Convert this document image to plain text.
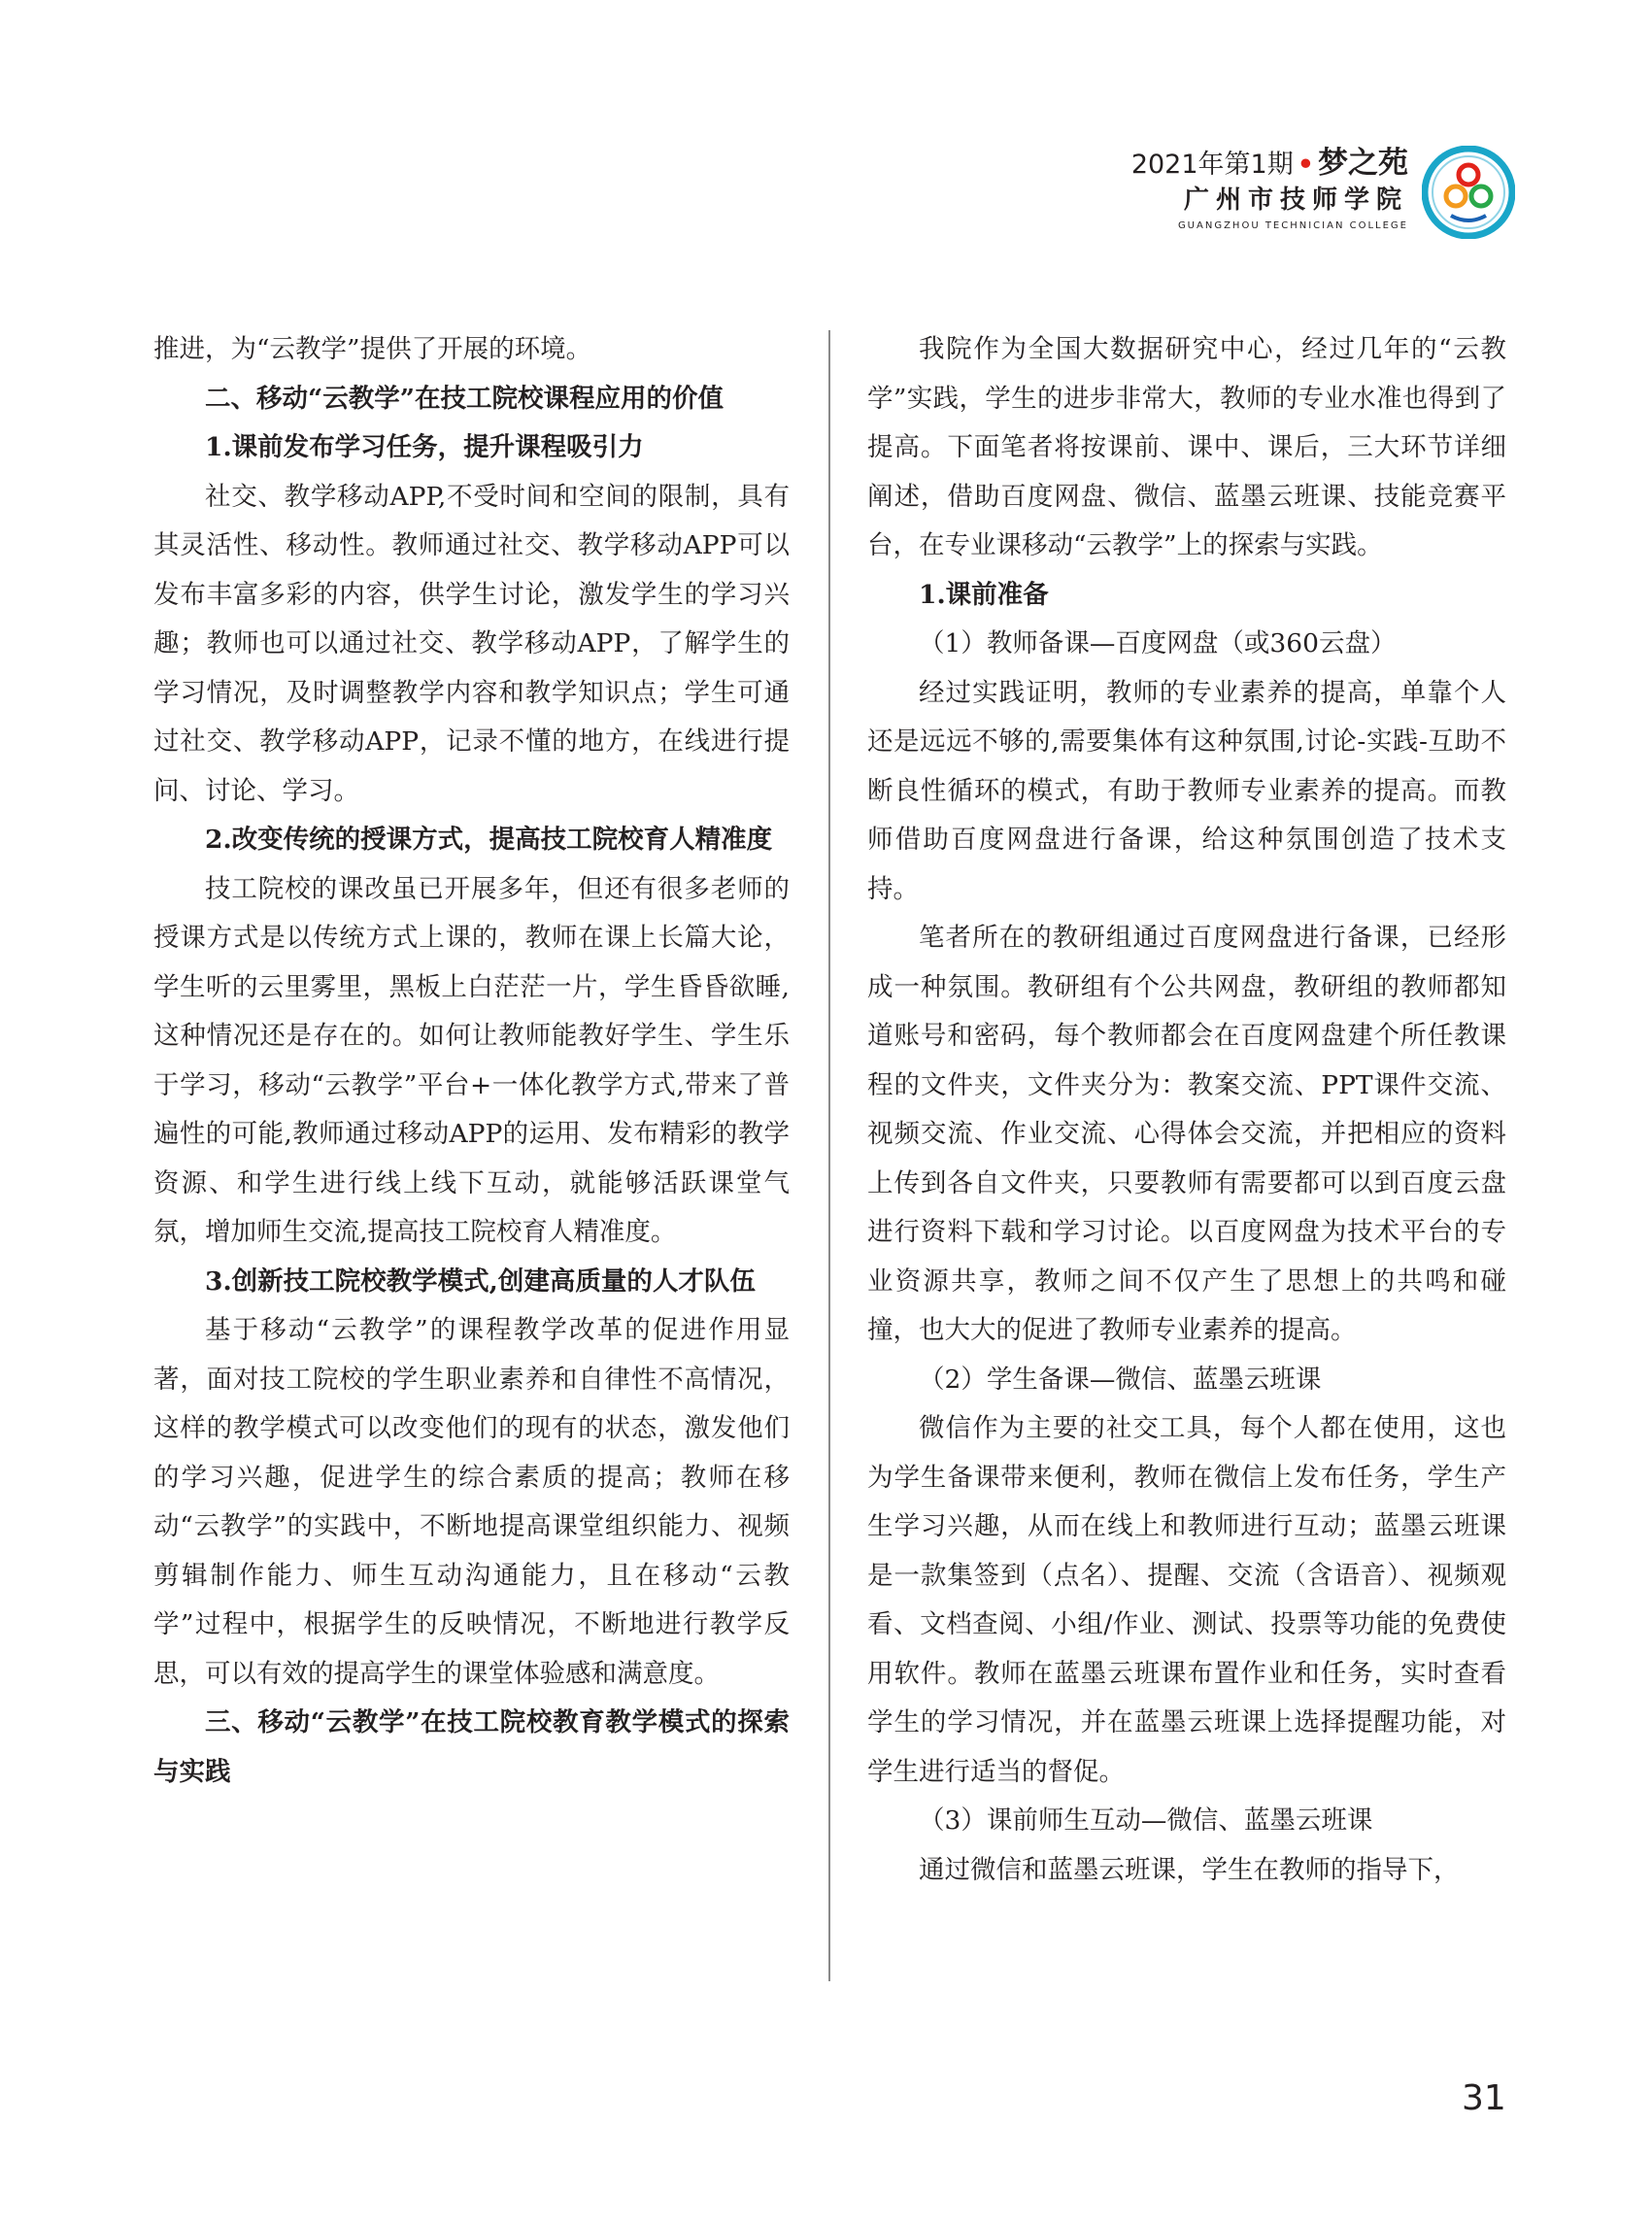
2021年第1期 • 梦之苑
广州市技师学院
GUANGZHOU TECHNICIAN COLLEGE

推进，为“云教学”提供了开展的环境。

二、移动“云教学”在技工院校课程应用的价值

1.课前发布学习任务，提升课程吸引力

社交、教学移动APP,不受时间和空间的限制，具有其灵活性、移动性。教师通过社交、教学移动APP可以发布丰富多彩的内容，供学生讨论，激发学生的学习兴趣；教师也可以通过社交、教学移动APP，了解学生的学习情况，及时调整教学内容和教学知识点；学生可通过社交、教学移动APP，记录不懂的地方，在线进行提问、讨论、学习。

2.改变传统的授课方式，提高技工院校育人精准度

技工院校的课改虽已开展多年，但还有很多老师的授课方式是以传统方式上课的，教师在课上长篇大论，学生听的云里雾里，黑板上白茫茫一片，学生昏昏欲睡,这种情况还是存在的。如何让教师能教好学生、学生乐于学习，移动“云教学”平台+一体化教学方式,带来了普遍性的可能,教师通过移动APP的运用、发布精彩的教学资源、和学生进行线上线下互动，就能够活跃课堂气氛，增加师生交流,提高技工院校育人精准度。

3.创新技工院校教学模式,创建高质量的人才队伍

基于移动“云教学”的课程教学改革的促进作用显著，面对技工院校的学生职业素养和自律性不高情况，这样的教学模式可以改变他们的现有的状态，激发他们的学习兴趣，促进学生的综合素质的提高；教师在移动“云教学”的实践中，不断地提高课堂组织能力、视频剪辑制作能力、师生互动沟通能力，且在移动“云教学”过程中，根据学生的反映情况，不断地进行教学反思，可以有效的提高学生的课堂体验感和满意度。

三、移动“云教学”在技工院校教育教学模式的探索与实践

我院作为全国大数据研究中心，经过几年的“云教学”实践，学生的进步非常大，教师的专业水准也得到了提高。下面笔者将按课前、课中、课后，三大环节详细阐述，借助百度网盘、微信、蓝墨云班课、技能竞赛平台，在专业课移动“云教学”上的探索与实践。

1.课前准备

（1）教师备课—百度网盘（或360云盘）

经过实践证明，教师的专业素养的提高，单靠个人还是远远不够的,需要集体有这种氛围,讨论-实践-互助不断良性循环的模式，有助于教师专业素养的提高。而教师借助百度网盘进行备课，给这种氛围创造了技术支持。

笔者所在的教研组通过百度网盘进行备课，已经形成一种氛围。教研组有个公共网盘，教研组的教师都知道账号和密码，每个教师都会在百度网盘建个所任教课程的文件夹，文件夹分为：教案交流、PPT课件交流、视频交流、作业交流、心得体会交流，并把相应的资料上传到各自文件夹，只要教师有需要都可以到百度云盘进行资料下载和学习讨论。以百度网盘为技术平台的专业资源共享，教师之间不仅产生了思想上的共鸣和碰撞，也大大的促进了教师专业素养的提高。

（2）学生备课—微信、蓝墨云班课

微信作为主要的社交工具，每个人都在使用，这也为学生备课带来便利，教师在微信上发布任务，学生产生学习兴趣，从而在线上和教师进行互动；蓝墨云班课是一款集签到（点名）、提醒、交流（含语音）、视频观看、文档查阅、小组/作业、测试、投票等功能的免费使用软件。教师在蓝墨云班课布置作业和任务，实时查看学生的学习情况，并在蓝墨云班课上选择提醒功能，对学生进行适当的督促。

（3）课前师生互动—微信、蓝墨云班课

通过微信和蓝墨云班课，学生在教师的指导下，

31
